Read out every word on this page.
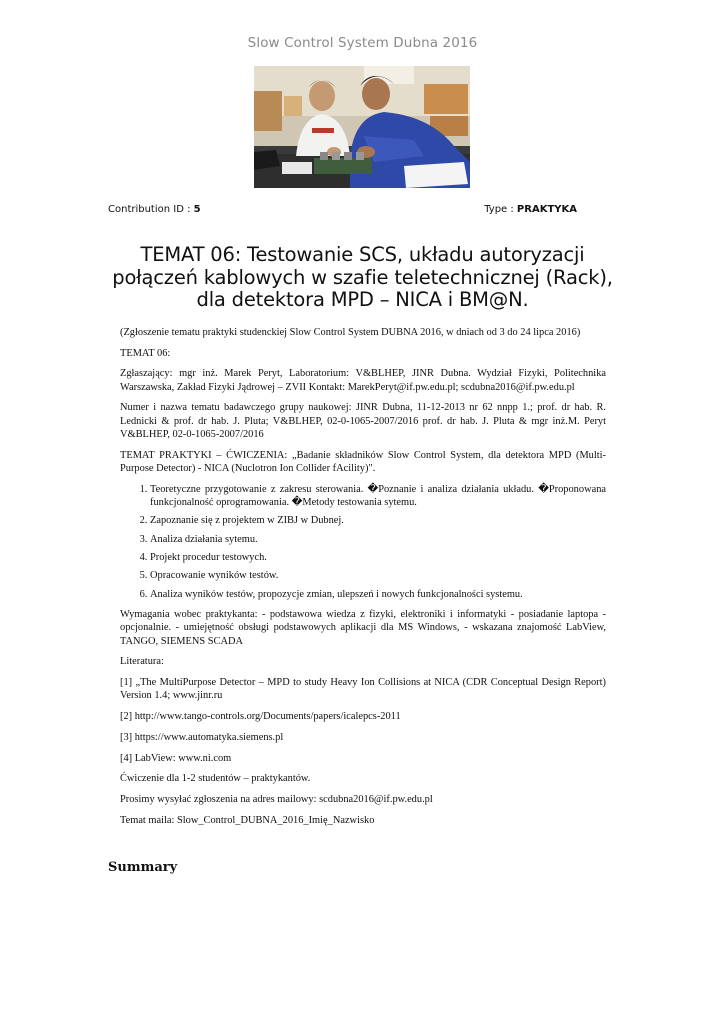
Slow Control System Dubna 2016
Contribution ID : 5	Type : PRAKTYKA
TEMAT 06: Testowanie SCS, układu autoryzacji
połączeń kablowych w szafie teletechnicznej (Rack),
dla detektora MPD – NICA i BM@N.

(Zgłoszenie tematu praktyki studenckiej Slow Control System DUBNA 2016, w dniach od 3 do 24 lipca 2016)

TEMAT 06:

Zgłaszający: mgr inż. Marek Peryt, Laboratorium: V&BLHEP, JINR Dubna. Wydział Fizyki, Politechnika Warszawska, Zakład Fizyki Jądrowej – ZVII Kontakt: MarekPeryt@if.pw.edu.pl; scdubna2016@if.pw.edu.pl

Numer i nazwa tematu badawczego grupy naukowej: JINR Dubna, 11-12-2013 nr 62 nnpp 1.; prof. dr hab. R. Lednicki & prof. dr hab. J. Pluta; V&BLHEP, 02-0-1065-2007/2016 prof. dr hab. J. Pluta & mgr inż.M. Peryt V&BLHEP, 02-0-1065-2007/2016

TEMAT PRAKTYKI – ĆWICZENIA: „Badanie składników Slow Control System, dla detektora MPD (Multi-Purpose Detector) - NICA (Nuclotron Ion Collider fAcility)".

1. Teoretyczne przygotowanie z zakresu sterowania. �Poznanie i analiza działania układu. �Proponowana funkcjonalność oprogramowania. �Metody testowania sytemu.
2. Zapoznanie się z projektem w ZIBJ w Dubnej.
3. Analiza działania sytemu.
4. Projekt procedur testowych.
5. Opracowanie wyników testów.
6. Analiza wyników testów, propozycje zmian, ulepszeń i nowych funkcjonalności systemu.

Wymagania wobec praktykanta: - podstawowa wiedza z fizyki, elektroniki i informatyki - posiadanie laptopa - opcjonalnie. - umiejętność obsługi podstawowych aplikacji dla MS Windows, - wskazana znajomość LabView, TANGO, SIEMENS SCADA

Literatura:

[1] „The MultiPurpose Detector – MPD to study Heavy Ion Collisions at NICA (CDR Conceptual Design Report) Version 1.4; www.jinr.ru

[2] http://www.tango-controls.org/Documents/papers/icalepcs-2011

[3] https://www.automatyka.siemens.pl

[4] LabView: www.ni.com

Ćwiczenie dla 1-2 studentów – praktykantów.

Prosimy wysyłać zgłoszenia na adres mailowy: scdubna2016@if.pw.edu.pl

Temat maila: Slow_Control_DUBNA_2016_Imię_Nazwisko

Summary
